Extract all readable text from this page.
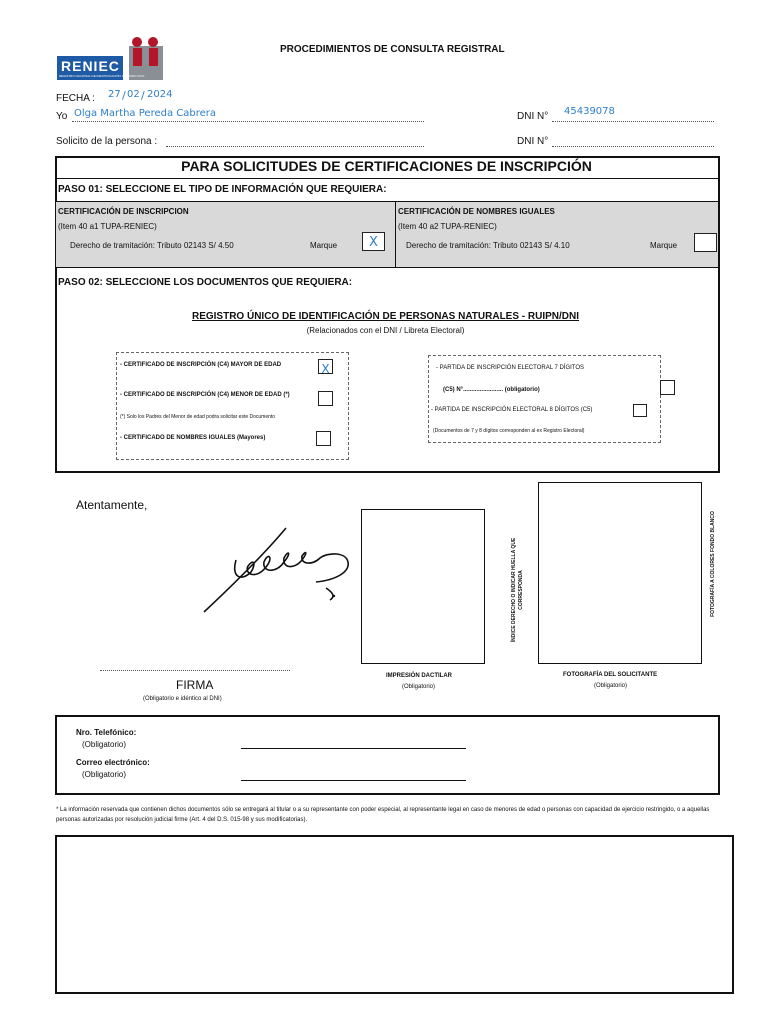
RENIEC
REGISTRO NACIONAL DE IDENTIFICACIÓN Y ESTADO CIVIL
PROCEDIMIENTOS DE CONSULTA REGISTRAL
FECHA : 27 / 02 / 2024
Yo Olga Martha Pereda Cabrera	DNI N° 45439078
Solicito de la persona :	DNI N°
PARA SOLICITUDES DE CERTIFICACIONES DE INSCRIPCIÓN
PASO 01: SELECCIONE EL TIPO DE INFORMACIÓN QUE REQUIERA:
CERTIFICACIÓN DE INSCRIPCION
(Item 40 a1 TUPA-RENIEC)
Derecho de tramitación: Tributo 02143 S/ 4.50	Marque	X
CERTIFICACIÓN DE NOMBRES IGUALES
(Item 40 a2 TUPA-RENIEC)
Derecho de tramitación: Tributo 02143 S/ 4.10	Marque
PASO 02: SELECCIONE LOS DOCUMENTOS QUE REQUIERA:
REGISTRO ÚNICO DE IDENTIFICACIÓN DE PERSONAS NATURALES - RUIPN/DNI
(Relacionados con el DNI / Libreta Electoral)
- CERTIFICADO DE INSCRIPCIÓN (C4) MAYOR DE EDAD	X
- CERTIFICADO DE INSCRIPCIÓN (C4) MENOR DE EDAD (*)
(*) Solo los Padres del Menor de edad podra solicitar este Documento
- CERTIFICADO DE NOMBRES IGUALES (Mayores)
- PARTIDA DE INSCRIPCIÓN ELECTORAL 7 DÍGITOS
(C5) N°........................ (obligatorio)
- PARTIDA DE INSCRIPCIÓN ELECTORAL 8 DÍGITOS (C5)
(Documentos de 7 y 8 dígitos corresponden al ex Registro Electoral)
Atentamente,
FIRMA
(Obligatorio e idéntico al DNI)
ÍNDICE DERECHO O INDICAR HUELLA QUE CORRESPONDA
IMPRESIÓN DACTILAR
(Obligatorio)
FOTOGRAFÍA A COLORES FONDO BLANCO
FOTOGRAFÍA DEL SOLICITANTE
(Obligatorio)
Nro. Telefónico:
(Obligatorio)
Correo electrónico:
(Obligatorio)
* La información reservada que contienen dichos documentos sólo se entregará al titular o a su representante con poder especial, al representante legal en caso de menores de edad o personas con capacidad de ejercicio restringido, o a aquellas personas autorizadas por resolución judicial firme (Art. 4 del D.S. 015-98 y sus modificatorias).
